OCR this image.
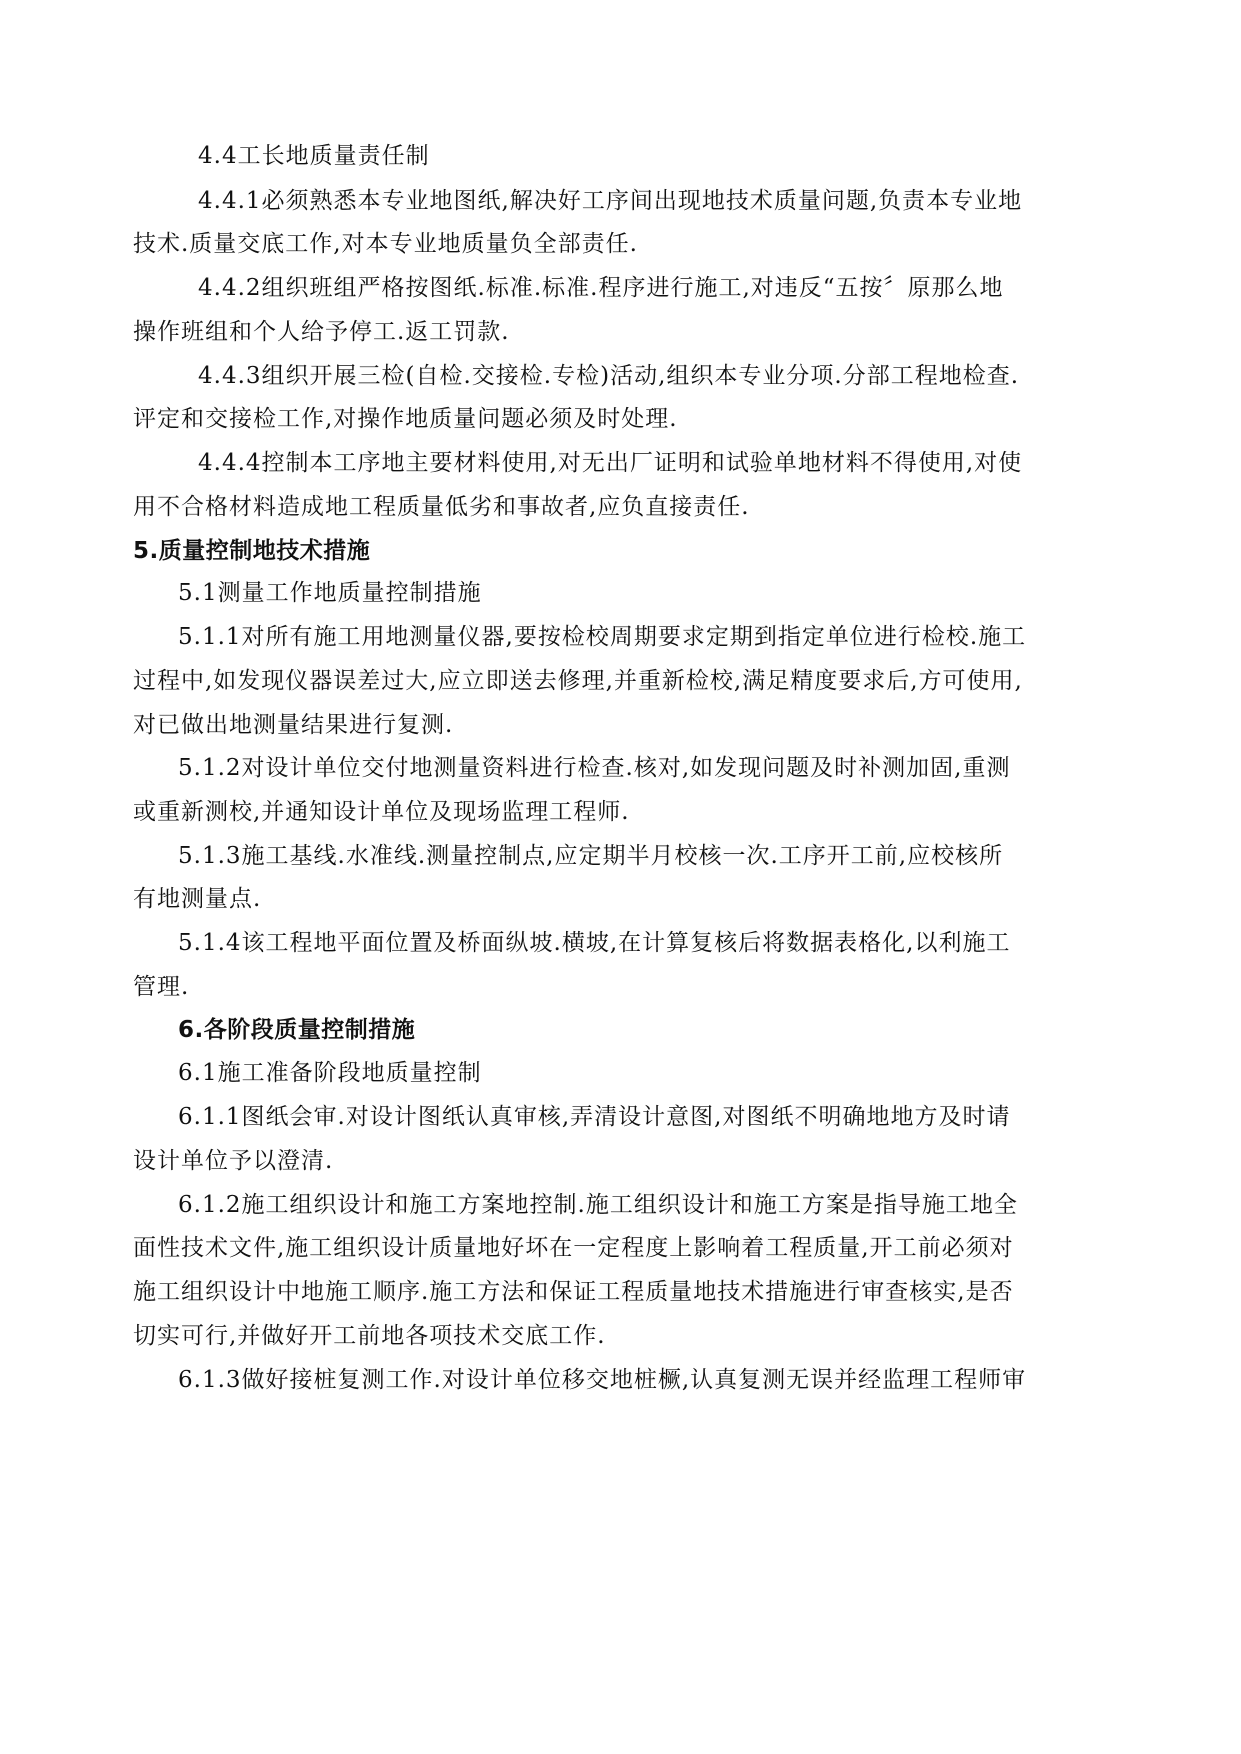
4.4工长地质量责任制
4.4.1必须熟悉本专业地图纸,解决好工序间出现地技术质量问题,负责本专业地
技术.质量交底工作,对本专业地质量负全部责任.
4.4.2组织班组严格按图纸.标准.标准.程序进行施工,对违反“五按〞原那么地
操作班组和个人给予停工.返工罚款.
4.4.3组织开展三检(自检.交接检.专检)活动,组织本专业分项.分部工程地检查.
评定和交接检工作,对操作地质量问题必须及时处理.
4.4.4控制本工序地主要材料使用,对无出厂证明和试验单地材料不得使用,对使
用不合格材料造成地工程质量低劣和事故者,应负直接责任.
5.质量控制地技术措施
5.1测量工作地质量控制措施
5.1.1对所有施工用地测量仪器,要按检校周期要求定期到指定单位进行检校.施工
过程中,如发现仪器误差过大,应立即送去修理,并重新检校,满足精度要求后,方可使用,
对已做出地测量结果进行复测.
5.1.2对设计单位交付地测量资料进行检查.核对,如发现问题及时补测加固,重测
或重新测校,并通知设计单位及现场监理工程师.
5.1.3施工基线.水准线.测量控制点,应定期半月校核一次.工序开工前,应校核所
有地测量点.
5.1.4该工程地平面位置及桥面纵坡.横坡,在计算复核后将数据表格化,以利施工
管理.
6.各阶段质量控制措施
6.1施工准备阶段地质量控制
6.1.1图纸会审.对设计图纸认真审核,弄清设计意图,对图纸不明确地地方及时请
设计单位予以澄清.
6.1.2施工组织设计和施工方案地控制.施工组织设计和施工方案是指导施工地全
面性技术文件,施工组织设计质量地好坏在一定程度上影响着工程质量,开工前必须对
施工组织设计中地施工顺序.施工方法和保证工程质量地技术措施进行审查核实,是否
切实可行,并做好开工前地各项技术交底工作.
6.1.3做好接桩复测工作.对设计单位移交地桩橛,认真复测无误并经监理工程师审
